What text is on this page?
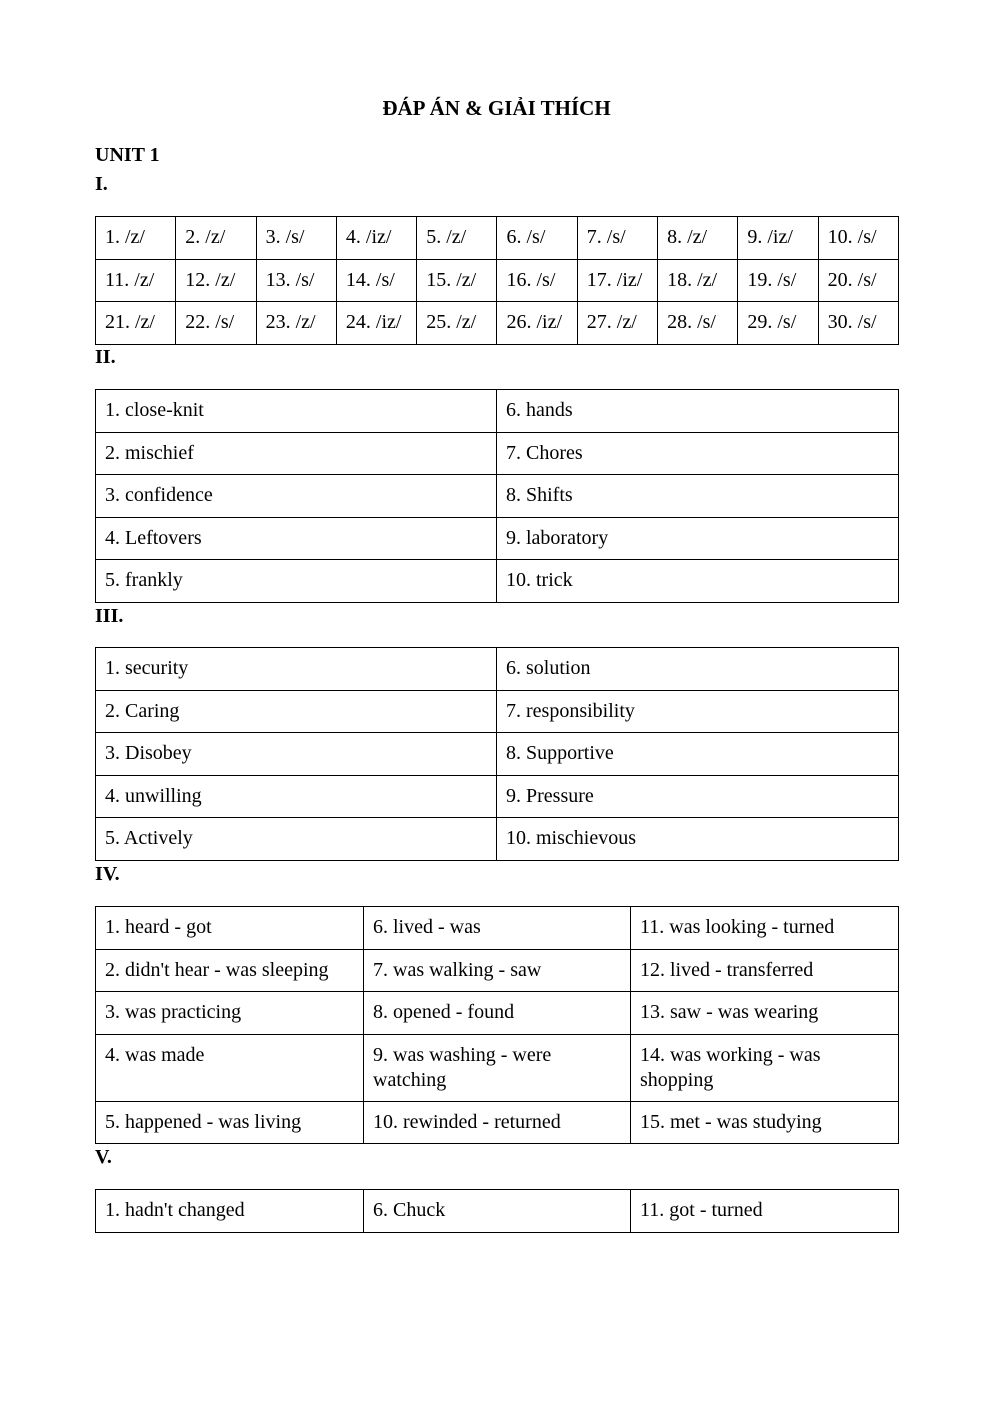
ĐÁP ÁN & GIẢI THÍCH
UNIT 1
I.
1. /z/	2. /z/	3. /s/	4. /iz/	5. /z/	6. /s/	7. /s/	8. /z/	9. /iz/	10. /s/
11. /z/	12. /z/	13. /s/	14. /s/	15. /z/	16. /s/	17. /iz/	18. /z/	19. /s/	20. /s/
21. /z/	22. /s/	23. /z/	24. /iz/	25. /z/	26. /iz/	27. /z/	28. /s/	29. /s/	30. /s/
II.
1. close-knit	6. hands
2. mischief	7. Chores
3. confidence	8. Shifts
4. Leftovers	9. laboratory
5. frankly	10. trick
III.
1. security	6. solution
2. Caring	7. responsibility
3. Disobey	8. Supportive
4. unwilling	9. Pressure
5. Actively	10. mischievous
IV.
1. heard - got	6. lived - was	11. was looking - turned
2. didn't hear - was sleeping	7. was walking - saw	12. lived - transferred
3. was practicing	8. opened - found	13. saw - was wearing
4. was made	9. was washing - were watching	14. was working - was shopping
5. happened - was living	10. rewinded - returned	15. met - was studying
V.
1. hadn't changed	6. Chuck	11. got - turned
